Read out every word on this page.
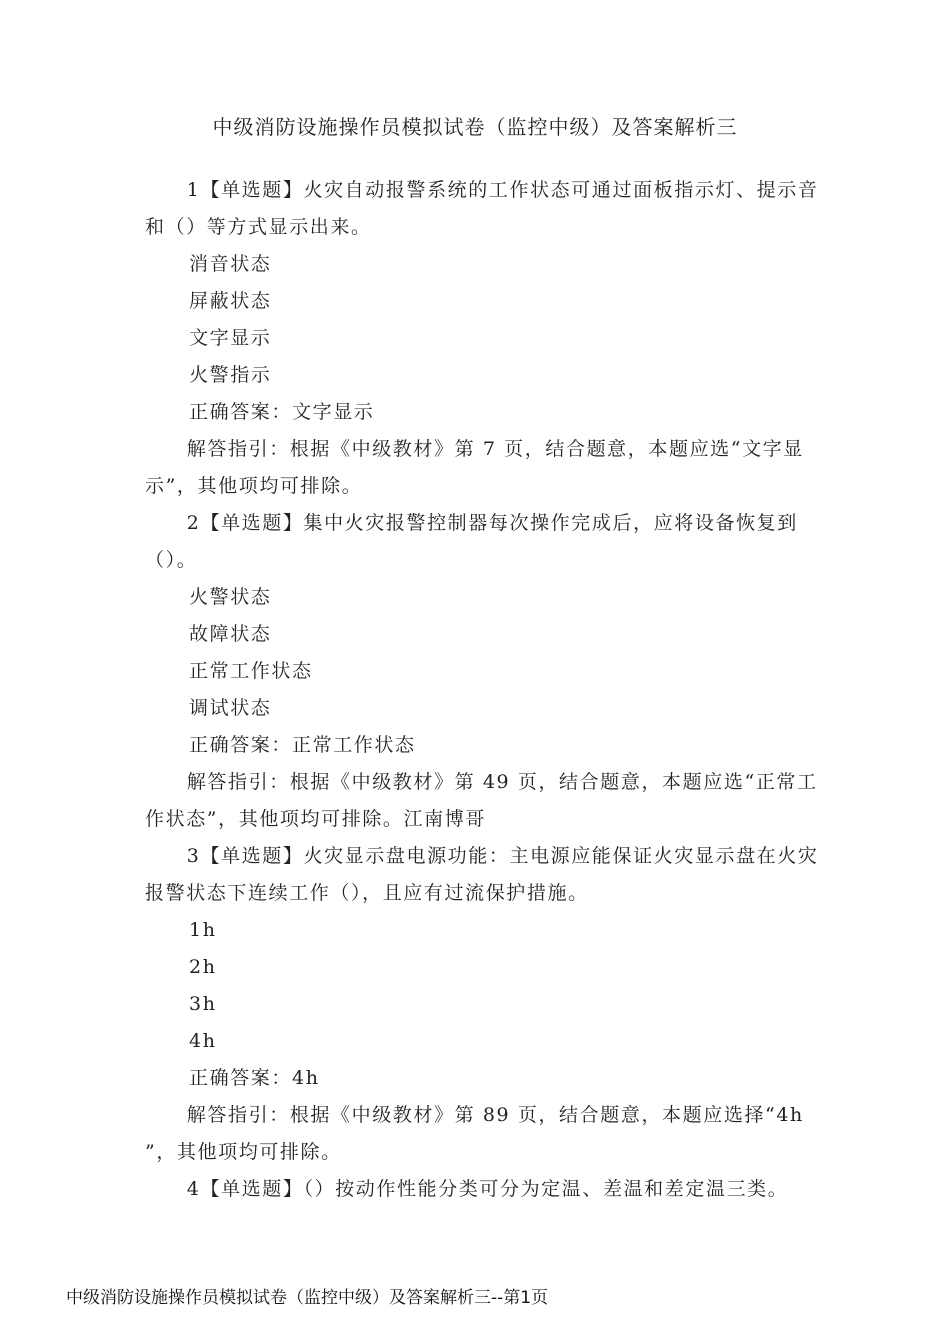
中级消防设施操作员模拟试卷（监控中级）及答案解析三

1【单选题】火灾自动报警系统的工作状态可通过面板指示灯、提示音和（）等方式显示出来。

消音状态

屏蔽状态

文字显示

火警指示

正确答案：文字显示

解答指引：根据《中级教材》第 7 页，结合题意，本题应选“文字显示”，其他项均可排除。

2【单选题】集中火灾报警控制器每次操作完成后，应将设备恢复到（）。

火警状态

故障状态

正常工作状态

调试状态

正确答案：正常工作状态

解答指引：根据《中级教材》第 49 页，结合题意，本题应选“正常工作状态”，其他项均可排除。江南博哥

3【单选题】火灾显示盘电源功能：主电源应能保证火灾显示盘在火灾报警状态下连续工作（），且应有过流保护措施。

1h

2h

3h

4h

正确答案：4h

解答指引：根据《中级教材》第 89 页，结合题意，本题应选择“4h ”，其他项均可排除。

4【单选题】（）按动作性能分类可分为定温、差温和差定温三类。

中级消防设施操作员模拟试卷（监控中级）及答案解析三--第1页
